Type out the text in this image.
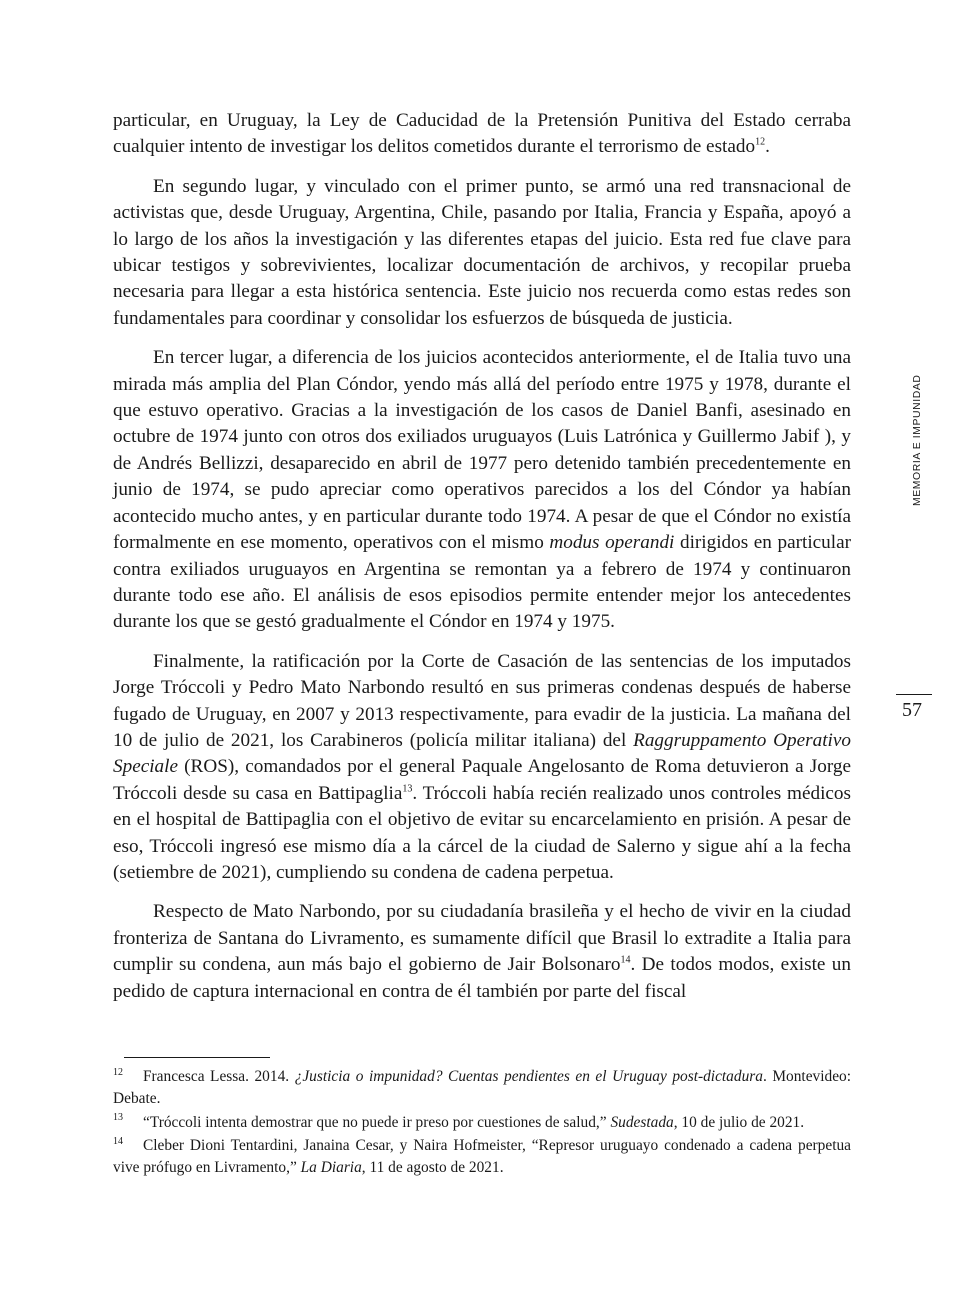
particular, en Uruguay, la Ley de Caducidad de la Pretensión Punitiva del Estado cerraba cualquier intento de investigar los delitos cometidos durante el terrorismo de estado$^{12}$.

En segundo lugar, y vinculado con el primer punto, se armó una red transnacional de activistas que, desde Uruguay, Argentina, Chile, pasando por Italia, Francia y España, apoyó a lo largo de los años la investigación y las diferentes etapas del juicio. Esta red fue clave para ubicar testigos y sobrevivientes, localizar documentación de archivos, y recopilar prueba necesaria para llegar a esta histórica sentencia. Este juicio nos recuerda como estas redes son fundamentales para coordinar y consolidar los esfuerzos de búsqueda de justicia.

En tercer lugar, a diferencia de los juicios acontecidos anteriormente, el de Italia tuvo una mirada más amplia del Plan Cóndor, yendo más allá del período entre 1975 y 1978, durante el que estuvo operativo. Gracias a la investigación de los casos de Daniel Banfi, asesinado en octubre de 1974 junto con otros dos exiliados uruguayos (Luis Latrónica y Guillermo Jabif ), y de Andrés Bellizzi, desaparecido en abril de 1977 pero detenido también precedentemente en junio de 1974, se pudo apreciar como operativos parecidos a los del Cóndor ya habían acontecido mucho antes, y en particular durante todo 1974. A pesar de que el Cóndor no existía formalmente en ese momento, operativos con el mismo modus operandi dirigidos en particular contra exiliados uruguayos en Argentina se remontan ya a febrero de 1974 y continuaron durante todo ese año. El análisis de esos episodios permite entender mejor los antecedentes durante los que se gestó gradualmente el Cóndor en 1974 y 1975.

Finalmente, la ratificación por la Corte de Casación de las sentencias de los imputados Jorge Tróccoli y Pedro Mato Narbondo resultó en sus primeras condenas después de haberse fugado de Uruguay, en 2007 y 2013 respectivamente, para evadir de la justicia. La mañana del 10 de julio de 2021, los Carabineros (policía militar italiana) del Raggruppamento Operativo Speciale (ROS), comandados por el general Paquale Angelosanto de Roma detuvieron a Jorge Tróccoli desde su casa en Battipaglia$^{13}$. Tróccoli había recién realizado unos controles médicos en el hospital de Battipaglia con el objetivo de evitar su encarcelamiento en prisión. A pesar de eso, Tróccoli ingresó ese mismo día a la cárcel de la ciudad de Salerno y sigue ahí a la fecha (setiembre de 2021), cumpliendo su condena de cadena perpetua.

Respecto de Mato Narbondo, por su ciudadanía brasileña y el hecho de vivir en la ciudad fronteriza de Santana do Livramento, es sumamente difícil que Brasil lo extradite a Italia para cumplir su condena, aun más bajo el gobierno de Jair Bolsonaro$^{14}$. De todos modos, existe un pedido de captura internacional en contra de él también por parte del fiscal

12 Francesca Lessa. 2014. ¿Justicia o impunidad? Cuentas pendientes en el Uruguay post-dictadura. Montevideo: Debate.

13 “Tróccoli intenta demostrar que no puede ir preso por cuestiones de salud,” Sudestada, 10 de julio de 2021.

14 Cleber Dioni Tentardini, Janaina Cesar, y Naira Hofmeister, “Represor uruguayo condenado a cadena perpetua vive prófugo en Livramento,” La Diaria, 11 de agosto de 2021.

MEMORIA E IMPUNIDAD
57
